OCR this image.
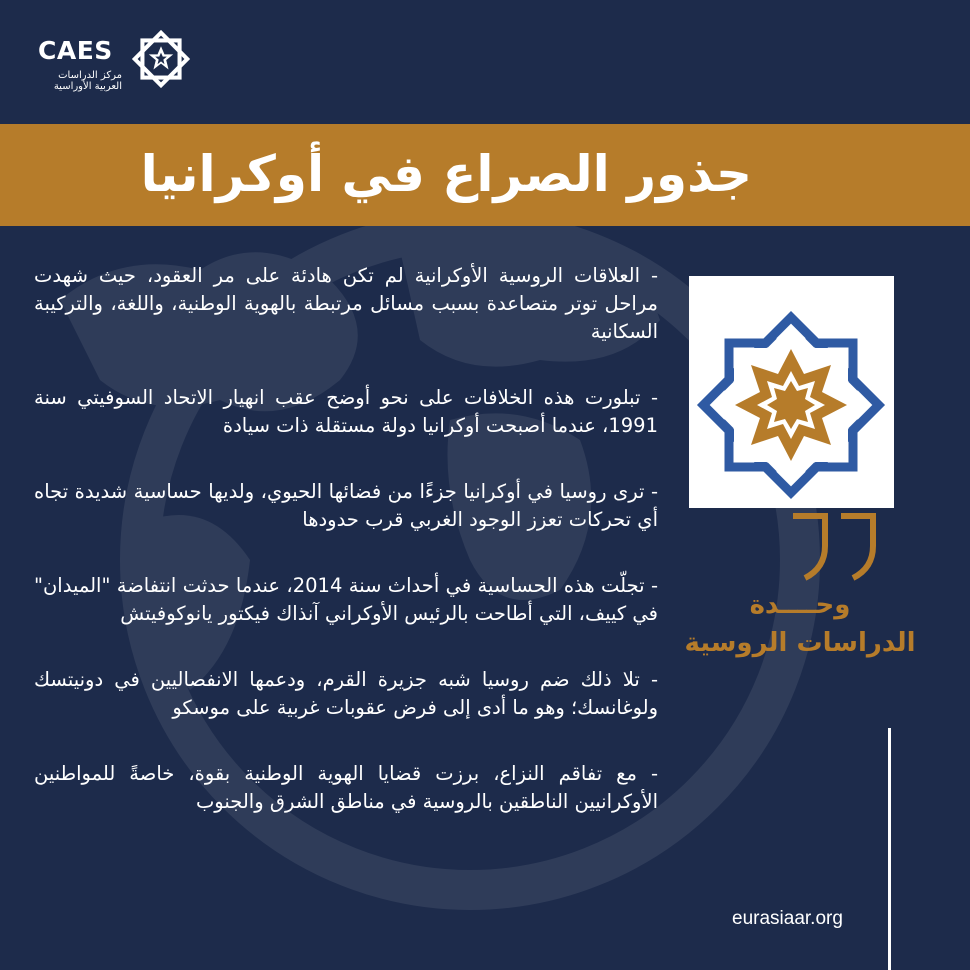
CAES
مركز الدراسات
العربية الأوراسية
جذور الصراع في أوكرانيا

- العلاقات الروسية الأوكرانية لم تكن هادئة على مر العقود، حيث شهدت مراحل توتر متصاعدة بسبب مسائل مرتبطة بالهوية الوطنية، واللغة، والتركيبة السكانية

- تبلورت هذه الخلافات على نحو أوضح عقب انهيار الاتحاد السوفيتي سنة 1991، عندما أصبحت أوكرانيا دولة مستقلة ذات سيادة

- ترى روسيا في أوكرانيا جزءًا من فضائها الحيوي، ولديها حساسية شديدة تجاه أي تحركات تعزز الوجود الغربي قرب حدودها

- تجلّت هذه الحساسية في أحداث سنة 2014، عندما حدثت انتفاضة "الميدان" في كييف، التي أطاحت بالرئيس الأوكراني آنذاك فيكتور يانوكوفيتش

- تلا ذلك ضم روسيا شبه جزيرة القرم، ودعمها الانفصاليين في دونيتسك ولوغانسك؛ وهو ما أدى إلى فرض عقوبات غربية على موسكو

- مع تفاقم النزاع، برزت قضايا الهوية الوطنية بقوة، خاصةً للمواطنين الأوكرانيين الناطقين بالروسية في مناطق الشرق والجنوب

وحــــدة
الدراسات الروسية
eurasiaar.org
